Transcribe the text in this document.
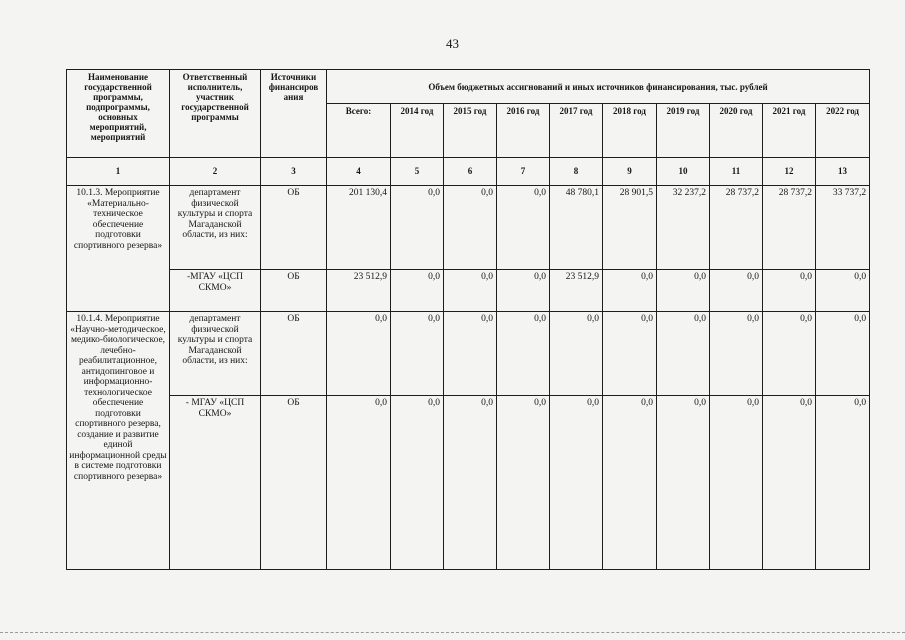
43
Наименование государственной программы, подпрограммы, основных мероприятий, мероприятий	Ответственный исполнитель, участник государственной программы	Источники финансиров ания	Объем бюджетных ассигнований и иных источников финансирования, тыс. рублей									
			Всего:	2014 год	2015 год	2016 год	2017 год	2018 год	2019 год	2020 год	2021 год	2022 год
1	2	3	4	5	6	7	8	9	10	11	12	13
10.1.3. Мероприятие «Материально-техническое обеспечение подготовки спортивного резерва»	департамент физической культуры и спорта Магаданской области, из них:	ОБ	201 130,4	0,0	0,0	0,0	48 780,1	28 901,5	32 237,2	28 737,2	28 737,2	33 737,2
	-МГАУ «ЦСП СКМО»	ОБ	23 512,9	0,0	0,0	0,0	23 512,9	0,0	0,0	0,0	0,0	0,0
10.1.4. Мероприятие «Научно-методическое, медико-биологическое, лечебно-реабилитационное, антидопинговое и информационно-технологическое обеспечение подготовки спортивного резерва, создание и развитие единой информационной среды в системе подготовки спортивного резерва»	департамент физической культуры и спорта Магаданской области, из них:	ОБ	0,0	0,0	0,0	0,0	0,0	0,0	0,0	0,0	0,0	0,0
	- МГАУ «ЦСП СКМО»	ОБ	0,0	0,0	0,0	0,0	0,0	0,0	0,0	0,0	0,0	0,0
